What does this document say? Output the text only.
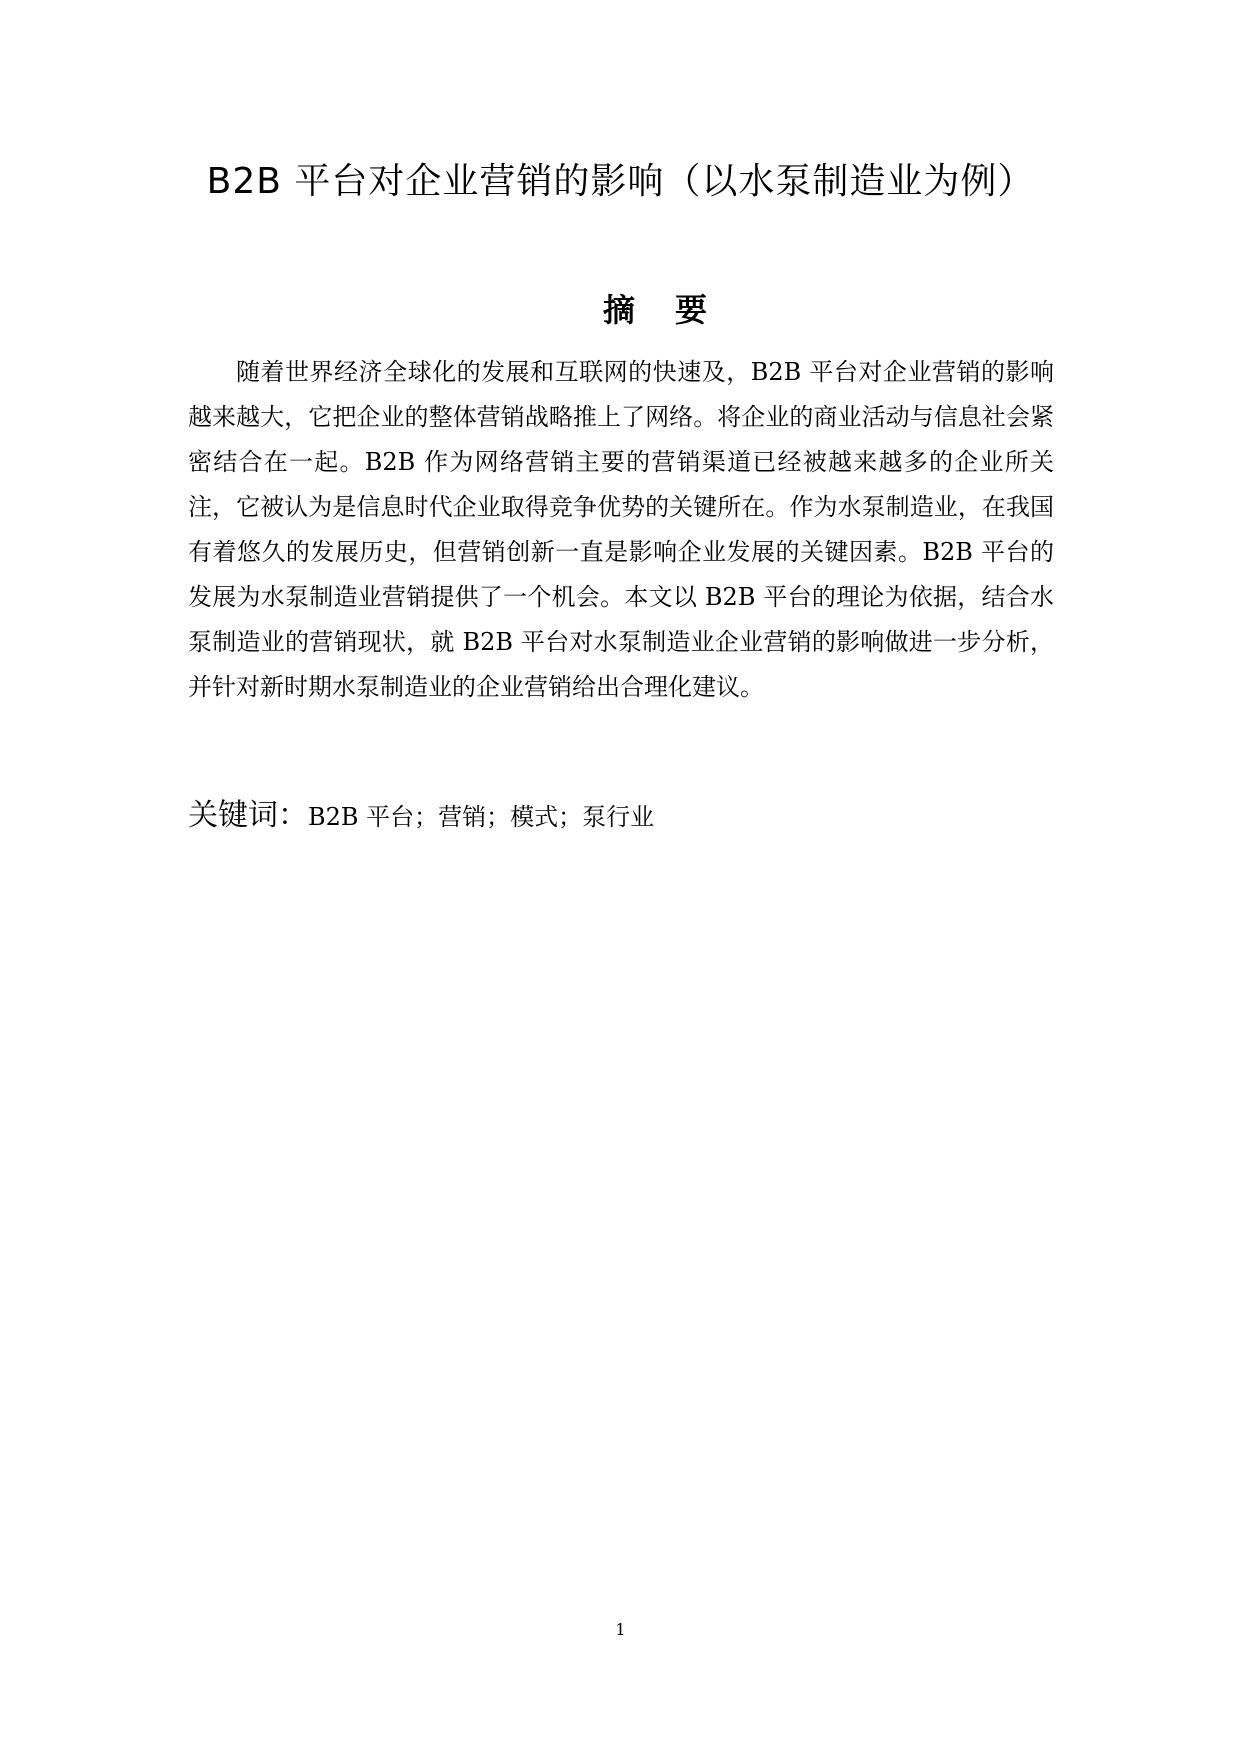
B2B 平台对企业营销的影响（以水泵制造业为例）
摘 要

随着世界经济全球化的发展和互联网的快速及，B2B 平台对企业营销的影响越来越大，它把企业的整体营销战略推上了网络。将企业的商业活动与信息社会紧密结合在一起。B2B 作为网络营销主要的营销渠道已经被越来越多的企业所关注，它被认为是信息时代企业取得竞争优势的关键所在。作为水泵制造业，在我国有着悠久的发展历史，但营销创新一直是影响企业发展的关键因素。B2B 平台的发展为水泵制造业营销提供了一个机会。本文以 B2B 平台的理论为依据，结合水泵制造业的营销现状，就 B2B 平台对水泵制造业企业营销的影响做进一步分析，并针对新时期水泵制造业的企业营销给出合理化建议。

关键词：B2B 平台；营销；模式；泵行业
1
